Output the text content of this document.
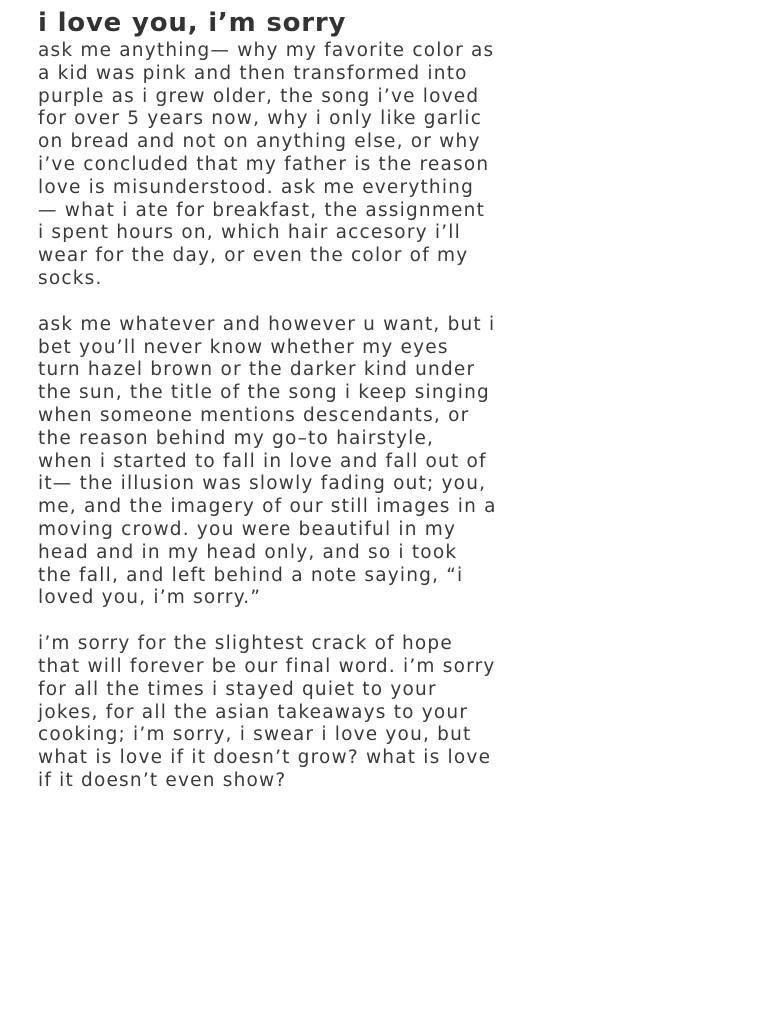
i love you, i’m sorry
ask me anything— why my favorite color as
a kid was pink and then transformed into
purple as i grew older, the song i’ve loved
for over 5 years now, why i only like garlic
on bread and not on anything else, or why
i’ve concluded that my father is the reason
love is misunderstood. ask me everything
— what i ate for breakfast, the assignment
i spent hours on, which hair accesory i’ll
wear for the day, or even the color of my
socks.
ask me whatever and however u want, but i
bet you’ll never know whether my eyes
turn hazel brown or the darker kind under
the sun, the title of the song i keep singing
when someone mentions descendants, or
the reason behind my go–to hairstyle,
when i started to fall in love and fall out of
it— the illusion was slowly fading out; you,
me, and the imagery of our still images in a
moving crowd. you were beautiful in my
head and in my head only, and so i took
the fall, and left behind a note saying, “i
loved you, i’m sorry.”
i’m sorry for the slightest crack of hope
that will forever be our final word. i’m sorry
for all the times i stayed quiet to your
jokes, for all the asian takeaways to your
cooking; i’m sorry, i swear i love you, but
what is love if it doesn’t grow? what is love
if it doesn’t even show?
